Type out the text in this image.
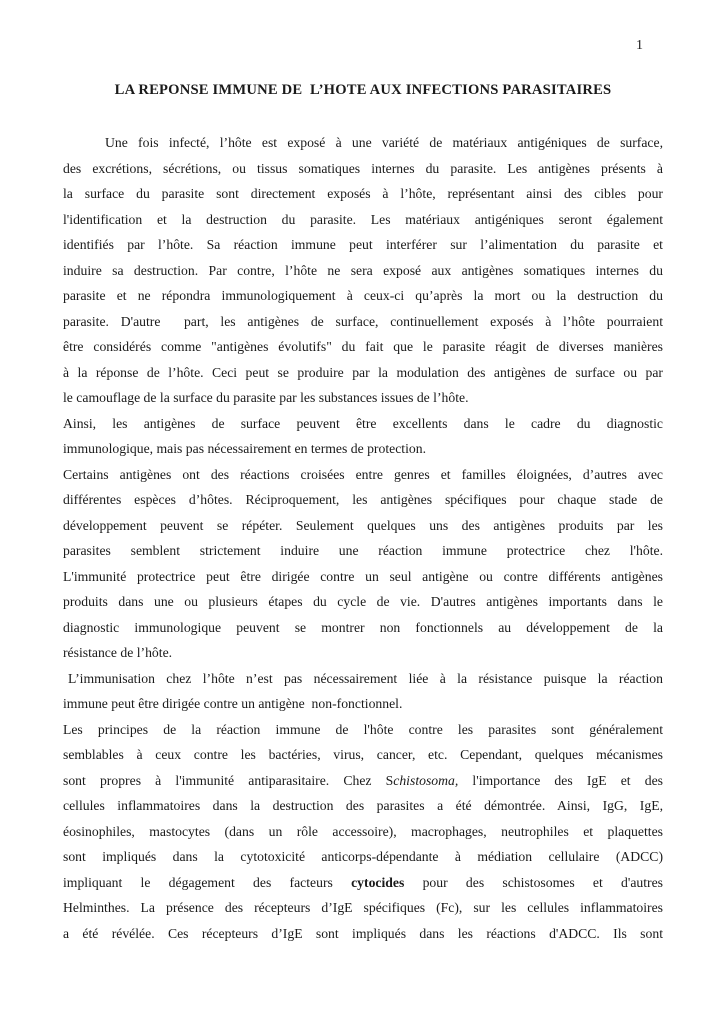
1
LA REPONSE IMMUNE DE  L’HOTE AUX INFECTIONS PARASITAIRES
Une fois infecté, l’hôte est exposé à une variété de matériaux antigéniques de surface,
des excrétions, sécrétions, ou tissus somatiques internes du parasite. Les antigènes présents à
la surface du parasite sont directement exposés à l’hôte, représentant ainsi des cibles pour
l'identification et la destruction du parasite. Les matériaux antigéniques seront également
identifiés par l’hôte. Sa réaction immune peut interférer sur l’alimentation du parasite et
induire sa destruction. Par contre, l’hôte ne sera exposé aux antigènes somatiques internes du
parasite et ne répondra immunologiquement à ceux-ci qu’après la mort ou la destruction du
parasite. D'autre  part, les antigènes de surface, continuellement exposés à l’hôte pourraient
être considérés comme "antigènes évolutifs" du fait que le parasite réagit de diverses manières
à la réponse de l’hôte. Ceci peut se produire par la modulation des antigènes de surface ou par
le camouflage de la surface du parasite par les substances issues de l’hôte.
Ainsi, les antigènes de surface peuvent être excellents dans le cadre du diagnostic
immunologique, mais pas nécessairement en termes de protection.
Certains antigènes ont des réactions croisées entre genres et familles éloignées, d’autres avec
différentes espèces d’hôtes. Réciproquement, les antigènes spécifiques pour chaque stade de
développement peuvent se répéter. Seulement quelques uns des antigènes produits par les
parasites semblent strictement induire une réaction immune protectrice chez l'hôte.
L'immunité protectrice peut être dirigée contre un seul antigène ou contre différents antigènes
produits dans une ou plusieurs étapes du cycle de vie. D'autres antigènes importants dans le
diagnostic immunologique peuvent se montrer non fonctionnels au développement de la
résistance de l’hôte.
L’immunisation chez l’hôte n’est pas nécessairement liée à la résistance puisque la réaction
immune peut être dirigée contre un antigène  non-fonctionnel.
Les principes de la réaction immune de l'hôte contre les parasites sont généralement
semblables à ceux contre les bactéries, virus, cancer, etc. Cependant, quelques mécanismes
sont propres à l'immunité antiparasitaire. Chez Schistosoma, l'importance des IgE et des
cellules inflammatoires dans la destruction des parasites a été démontrée. Ainsi, IgG, IgE,
éosinophiles, mastocytes (dans un rôle accessoire), macrophages, neutrophiles et plaquettes
sont impliqués dans la cytotoxicité anticorps-dépendante à médiation cellulaire (ADCC)
impliquant le dégagement des facteurs cytocides pour des schistosomes et d'autres
Helminthes. La présence des récepteurs d’IgE spécifiques (Fc), sur les cellules inflammatoires
a été révélée. Ces récepteurs d’IgE sont impliqués dans les réactions d'ADCC. Ils sont
